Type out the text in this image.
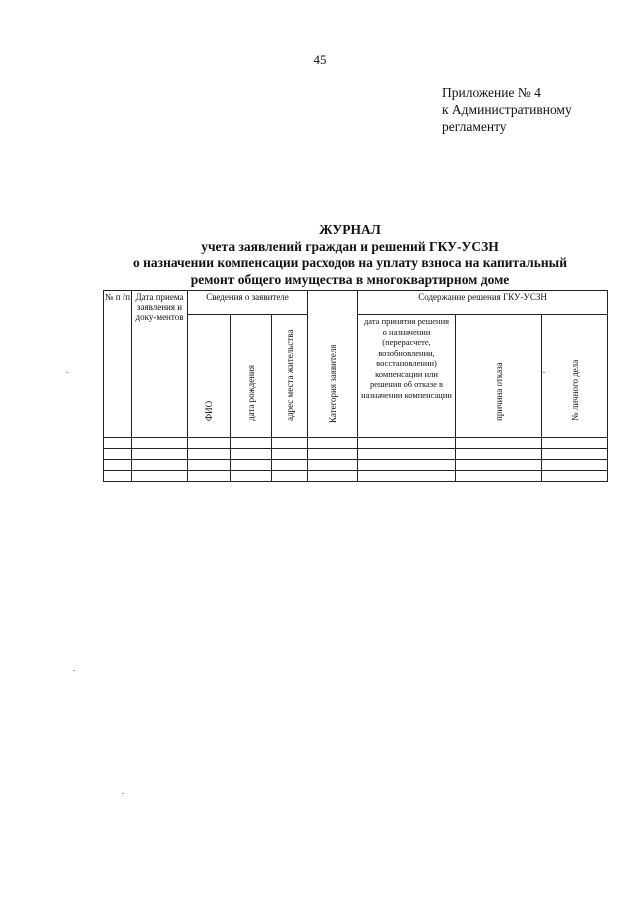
45
Приложение № 4
к Административному
регламенту
ЖУРНАЛ
учета заявлений граждан и решений ГКУ-УСЗН
о назначении компенсации расходов на уплату взноса на капитальный
ремонт общего имущества в многоквартирном доме
№ п /п	Дата приема заявления и доку-ментов	Сведения о заявителе			Категория заявителя	Содержание решения ГКУ-УСЗН		

		ФИО	дата рождения	адрес места жительства		дата принятия решения о назначении (перерасчете, возобновлении, восстановлении) компенсации или решения об отказе в назначении компенсации	причина отказа	№ личного дела
